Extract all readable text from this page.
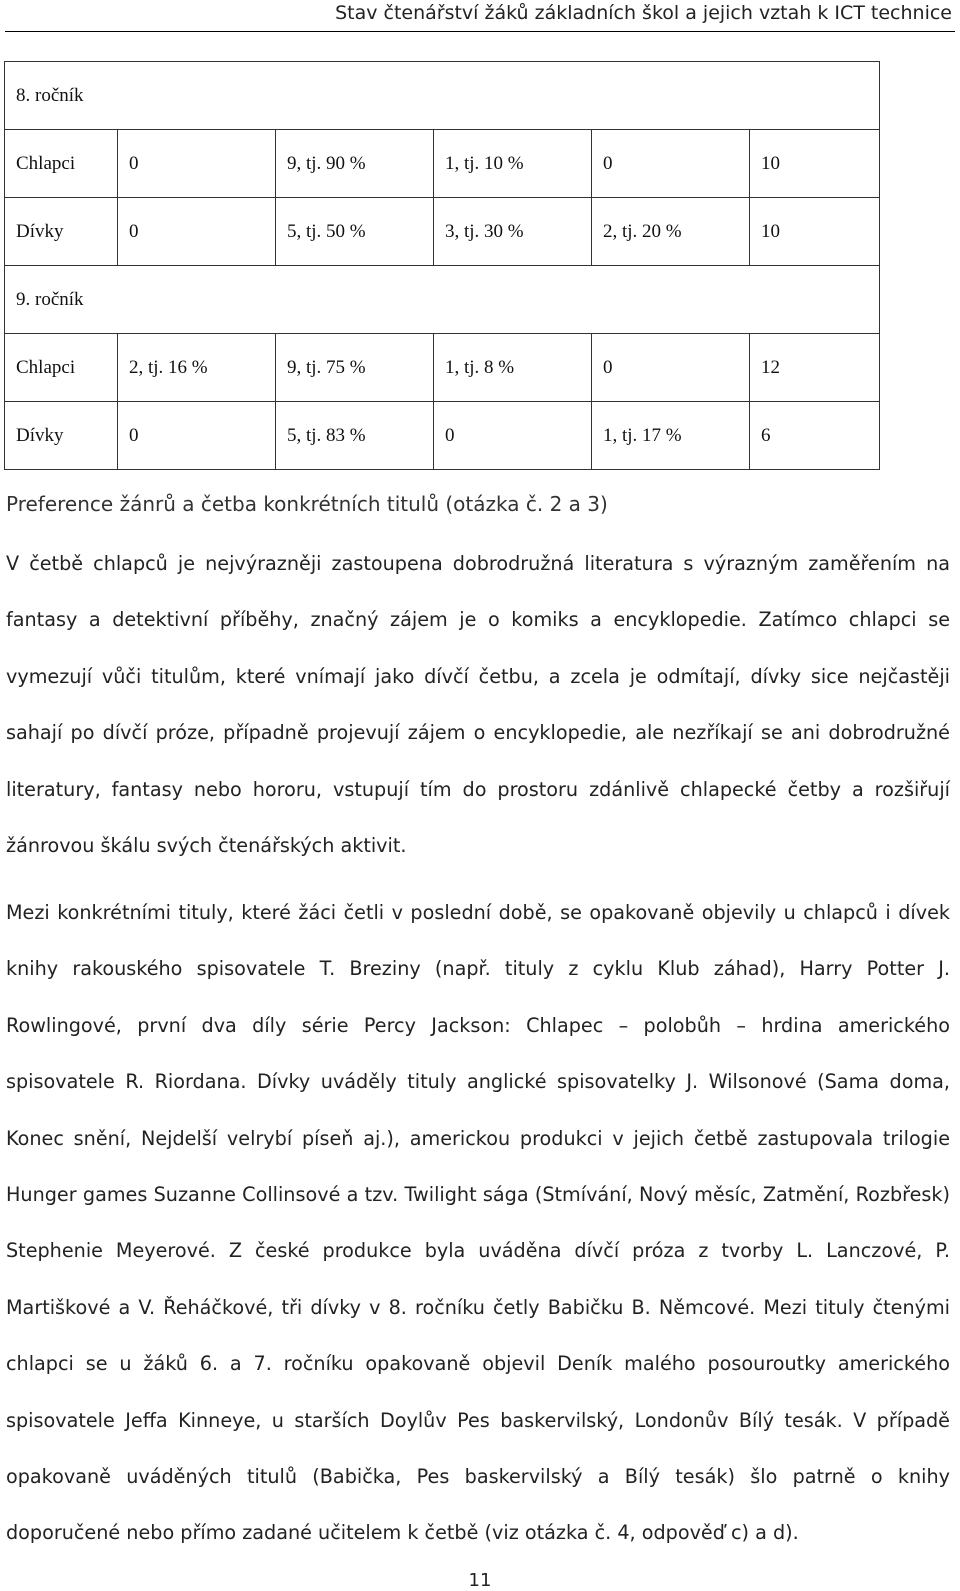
Stav čtenářství žáků základních škol a jejich vztah k ICT technice
8. ročník					
Chlapci	0	9, tj. 90 %	1, tj. 10 %	0	10
Dívky	0	5, tj. 50 %	3, tj. 30 %	2, tj. 20 %	10
9. ročník					
Chlapci	2, tj. 16 %	9, tj. 75 %	1, tj. 8 %	0	12
Dívky	0	5, tj. 83 %	0	1, tj. 17 %	6
Preference žánrů a četba konkrétních titulů (otázka č. 2 a 3)

V četbě chlapců je nejvýrazněji zastoupena dobrodružná literatura s výrazným zaměřením na fantasy a detektivní příběhy, značný zájem je o komiks a encyklopedie. Zatímco chlapci se vymezují vůči titulům, které vnímají jako dívčí četbu, a zcela je odmítají, dívky sice nejčastěji sahají po dívčí próze, případně projevují zájem o encyklopedie, ale nezříkají se ani dobrodružné literatury, fantasy nebo hororu, vstupují tím do prostoru zdánlivě chlapecké četby a rozšiřují žánrovou škálu svých čtenářských aktivit.

Mezi konkrétními tituly, které žáci četli v poslední době, se opakovaně objevily u chlapců i dívek knihy rakouského spisovatele T. Breziny (např. tituly z cyklu Klub záhad), Harry Potter J. Rowlingové, první dva díly série Percy Jackson: Chlapec – polobůh – hrdina amerického spisovatele R. Riordana. Dívky uváděly tituly anglické spisovatelky J. Wilsonové (Sama doma, Konec snění, Nejdelší velrybí píseň aj.), americkou produkci v jejich četbě zastupovala trilogie Hunger games Suzanne Collinsové a tzv. Twilight sága (Stmívání, Nový měsíc, Zatmění, Rozbřesk) Stephenie Meyerové. Z české produkce byla uváděna dívčí próza z tvorby L. Lanczové, P. Martiškové a V. Řeháčkové, tři dívky v 8. ročníku četly Babičku B. Němcové. Mezi tituly čtenými chlapci se u žáků 6. a 7. ročníku opakovaně objevil Deník malého posouroutky amerického spisovatele Jeffa Kinneye, u starších Doylův Pes baskervilský, Londonův Bílý tesák. V případě opakovaně uváděných titulů (Babička, Pes baskervilský a Bílý tesák) šlo patrně o knihy doporučené nebo přímo zadané učitelem k četbě (viz otázka č. 4, odpověď c) a d).

11
